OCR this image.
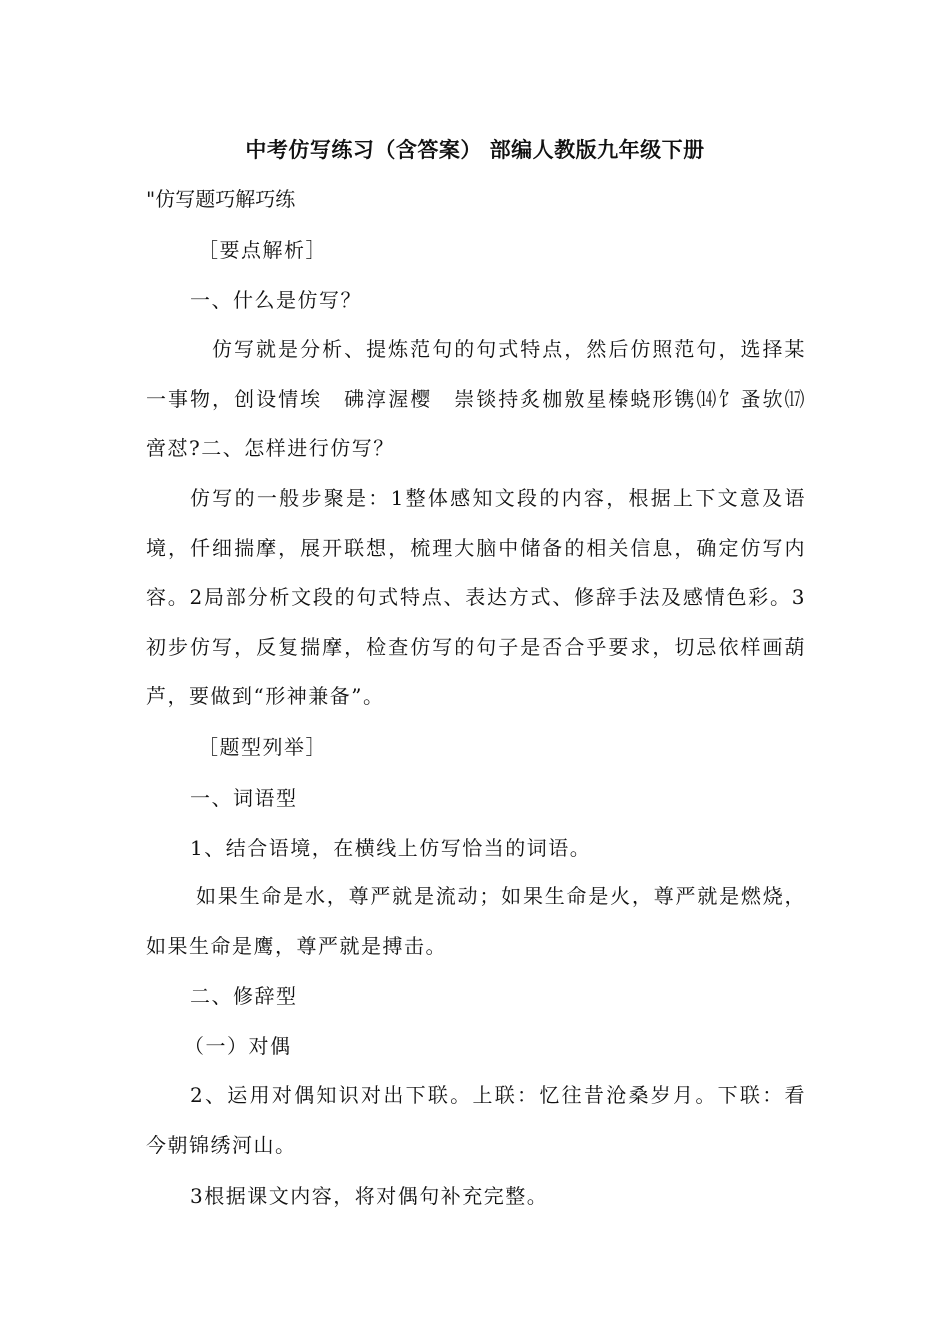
中考仿写练习（含答案） 部编人教版九年级下册
"仿写题巧解巧练
［要点解析］
一、什么是仿写？
仿写就是分析、提炼范句的句式特点，然后仿照范句，选择某一事物，创设情埃　砩淳渥樱　崇锬持炙枷敫星榛蛲形镌⒁饣蚤欤⒄啻怼?二、怎样进行仿写？
仿写的一般步聚是：1整体感知文段的内容，根据上下文意及语境，仟细揣摩，展开联想，梳理大脑中储备的相关信息，确定仿写内容。2局部分析文段的句式特点、表达方式、修辞手法及感情色彩。3初步仿写，反复揣摩，检查仿写的句子是否合乎要求，切忌依样画葫芦，要做到“形神兼备”。
［题型列举］
一、词语型
1、结合语境，在横线上仿写恰当的词语。
如果生命是水，尊严就是流动；如果生命是火，尊严就是燃烧，如果生命是鹰，尊严就是搏击。
二、修辞型
（一）对偶
2、运用对偶知识对出下联。上联：忆往昔沧桑岁月。下联：看今朝锦绣河山。
3根据课文内容，将对偶句补充完整。
